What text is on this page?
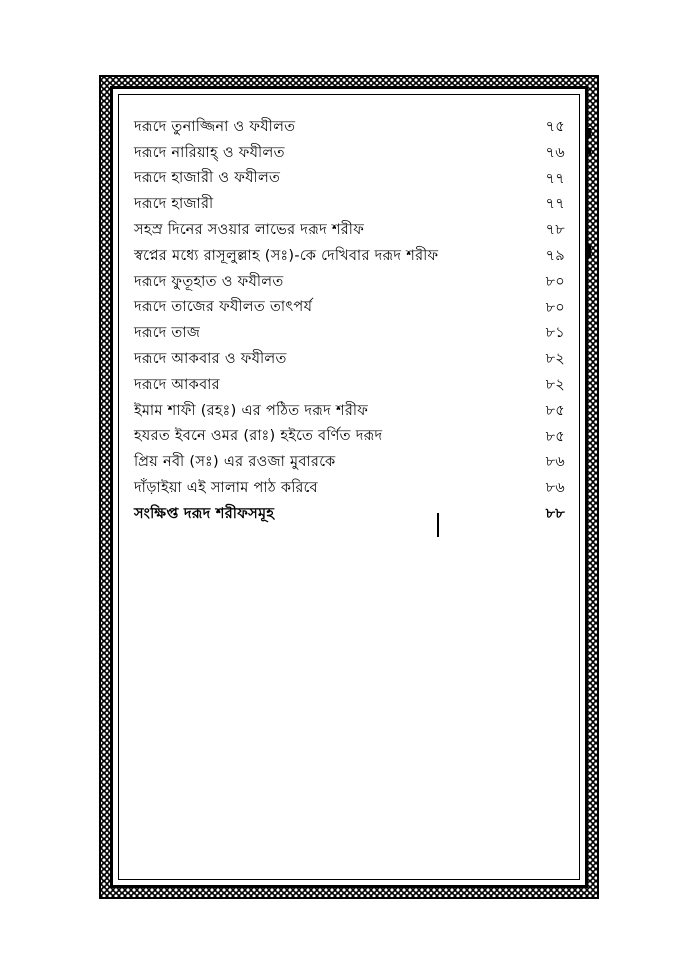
দরূদে তুনাজ্জিনা ও ফযীলত	৭৫
দরূদে নারিয়াহ্ ও ফযীলত	৭৬
দরূদে হাজারী ও ফযীলত	৭৭
দরূদে হাজারী	৭৭
সহস্র দিনের সওয়ার লাভের দরূদ শরীফ	৭৮
স্বপ্নের মধ্যে রাসূলুল্লাহ (সঃ)-কে দেখিবার দরূদ শরীফ	৭৯
দরূদে ফুতূহাত ও ফযীলত	৮০
দরূদে তাজের ফযীলত তাৎপর্য	৮০
দরূদে তাজ	৮১
দরূদে আকবার ও ফযীলত	৮২
দরূদে আকবার	৮২
ইমাম শাফী (রহঃ) এর পঠিত দরূদ শরীফ	৮৫
হযরত ইবনে ওমর (রাঃ) হইতে বর্ণিত দরূদ	৮৫
প্রিয় নবী (সঃ) এর রওজা মুবারকে	৮৬
দাঁড়াইয়া এই সালাম পাঠ করিবে	৮৬
সংক্ষিপ্ত দরূদ শরীফসমূহ	৮৮
